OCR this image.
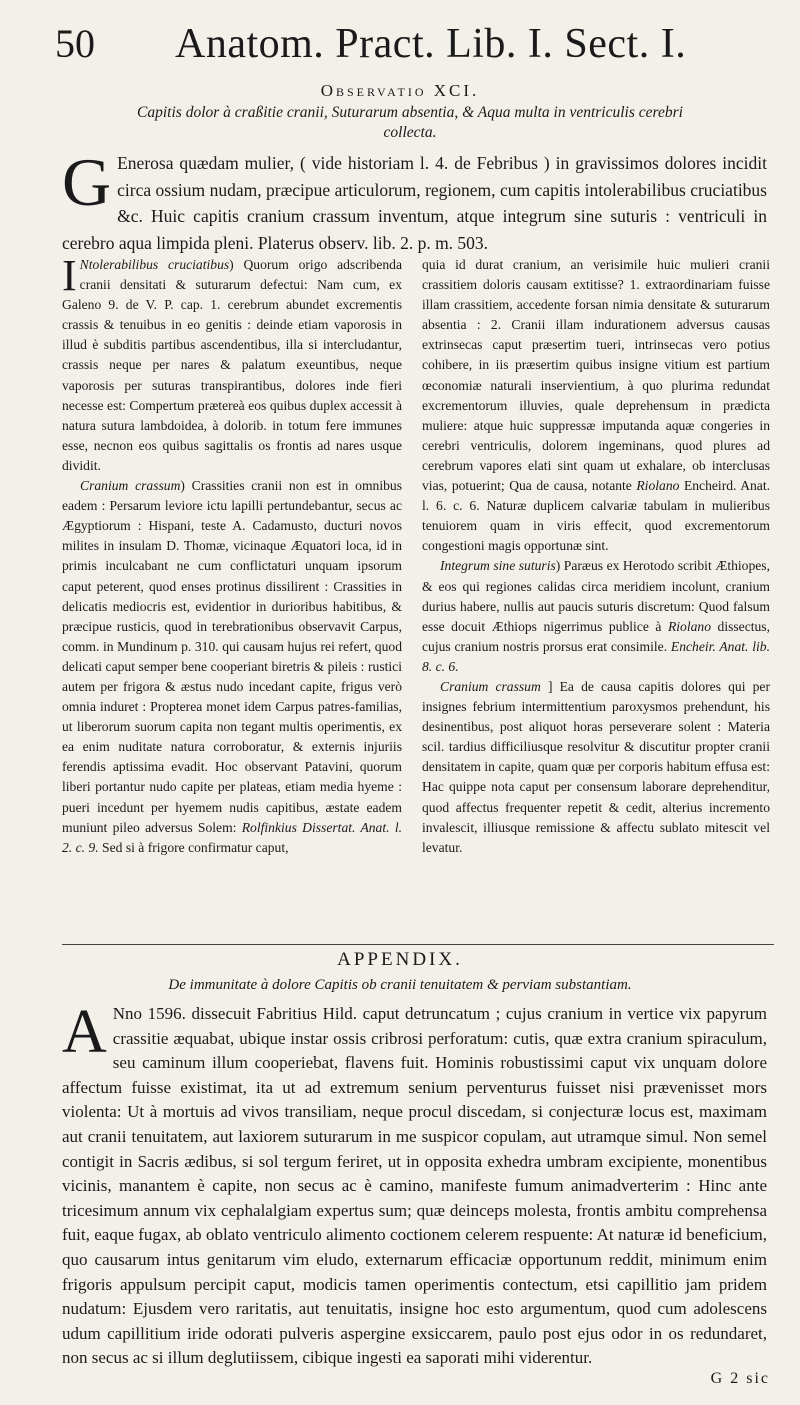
50 Anatom. Pract. Lib. I. Sect. I.
Observatio XCI.
Capitis dolor à craßitie cranii, Suturarum absentia, & Aqua multa in ventriculis cerebri collecta.
G Enerosa quædam mulier, ( vide historiam l. 4. de Febribus ) in gravissimos dolores incidit circa ossium nudam, præcipue articulorum, regionem, cum capitis intolerabilibus cruciatibus &c. Huic capitis cranium crassum inventum, atque integrum sine suturis : ventriculi in cerebro aqua limpida pleni. Platerus observ. lib. 2. p. m. 503.

I Ntolerabilibus cruciatibus) Quorum origo adscribenda cranii densitati & suturarum defectui: Nam cum, ex Galeno 9. de V. P. cap. 1. cerebrum abundet excrementis crassis & tenuibus in eo genitis : deinde etiam vaporosis in illud è subditis partibus ascendentibus, illa si intercludantur, crassis neque per nares & palatum exeuntibus, neque vaporosis per suturas transpirantibus, dolores inde fieri necesse est: Compertum prætereà eos quibus duplex accessit à natura sutura lambdoidea, à dolorib. in totum fere immunes esse, necnon eos quibus sagittalis os frontis ad nares usque dividit.

Cranium crassum) Crassities cranii non est in omnibus eadem : Persarum leviore ictu lapilli pertundebantur, secus ac Ægyptiorum : Hispani, teste A. Cadamusto, ducturi novos milites in insulam D. Thomæ, vicinaque Æquatori loca, id in primis inculcabant ne cum conflictaturi unquam ipsorum caput peterent, quod enses protinus dissilirent : Crassities in delicatis mediocris est, evidentior in durioribus habitibus, & præcipue rusticis, quod in terebrationibus observavit Carpus, comm. in Mundinum p. 310. qui causam hujus rei refert, quod delicati caput semper bene cooperiant biretris & pileis : rustici autem per frigora & æstus nudo incedant capite, frigus verò omnia induret : Propterea monet idem Carpus patres-familias, ut liberorum suorum capita non tegant multis operimentis, ex ea enim nuditate natura corroboratur, & externis injuriis ferendis aptissima evadit. Hoc observant Patavini, quorum liberi portantur nudo capite per plateas, etiam media hyeme : pueri incedunt per hyemem nudis capitibus, æstate eadem muniunt pileo adversus Solem: Rolfinkius Dissertat. Anat. l. 2. c. 9. Sed si à frigore confirmatur caput,

quia id durat cranium, an verisimile huic mulieri cranii crassitiem doloris causam extitisse? 1. extraordinariam fuisse illam crassitiem, accedente forsan nimia densitate & suturarum absentia : 2. Cranii illam indurationem adversus causas extrinsecas caput præsertim tueri, intrinsecas vero potius cohibere, in iis præsertim quibus insigne vitium est partium œconomiæ naturali inservientium, à quo plurima redundat excrementorum illuvies, quale deprehensum in prædicta muliere: atque huic suppressæ imputanda aquæ congeries in cerebri ventriculis, dolorem ingeminans, quod plures ad cerebrum vapores elati sint quam ut exhalare, ob interclusas vias, potuerint; Qua de causa, notante Riolano Encheird. Anat. l. 6. c. 6. Naturæ duplicem calvariæ tabulam in mulieribus tenuiorem quam in viris effecit, quod excrementorum congestioni magis opportunæ sint.

Integrum sine suturis) Paræus ex Herotodo scribit Æthiopes, & eos qui regiones calidas circa meridiem incolunt, cranium durius habere, nullis aut paucis suturis discretum: Quod falsum esse docuit Æthiops nigerrimus publice à Riolano dissectus, cujus cranium nostris prorsus erat consimile. Encheir. Anat. lib. 8. c. 6.

Cranium crassum ] Ea de causa capitis dolores qui per insignes febrium intermittentium paroxysmos prehendunt, his desinentibus, post aliquot horas perseverare solent : Materia scil. tardius difficiliusque resolvitur & discutitur propter cranii densitatem in capite, quam quæ per corporis habitum effusa est: Hac quippe nota caput per consensum laborare deprehenditur, quod affectus frequenter repetit & cedit, alterius incremento invalescit, illiusque remissione & affectu sublato mitescit vel levatur.

APPENDIX.
De immunitate à dolore Capitis ob cranii tenuitatem & perviam substantiam.
A Nno 1596. dissecuit Fabritius Hild. caput detruncatum ; cujus cranium in vertice vix papyrum crassitie æquabat, ubique instar ossis cribrosi perforatum: cutis, quæ extra cranium spiraculum, seu caminum illum cooperiebat, flavens fuit. Hominis robustissimi caput vix unquam dolore affectum fuisse existimat, ita ut ad extremum senium perventurus fuisset nisi prævenisset mors violenta: Ut à mortuis ad vivos transiliam, neque procul discedam, si conjecturæ locus est, maximam aut cranii tenuitatem, aut laxiorem suturarum in me suspicor copulam, aut utramque simul. Non semel contigit in Sacris ædibus, si sol tergum feriret, ut in opposita exhedra umbram excipiente, monentibus vicinis, manantem è capite, non secus ac è camino, manifeste fumum animadverterim : Hinc ante tricesimum annum vix cephalalgiam expertus sum; quæ deinceps molesta, frontis ambitu comprehensa fuit, eaque fugax, ab oblato ventriculo alimento coctionem celerem respuente: At naturæ id beneficium, quo causarum intus genitarum vim eludo, externarum efficaciæ opportunum reddit, minimum enim frigoris appulsum percipit caput, modicis tamen operimentis contectum, etsi capillitio jam pridem nudatum: Ejusdem vero raritatis, aut tenuitatis, insigne hoc esto argumentum, quod cum adolescens udum capillitium iride odorati pulveris aspergine exsiccarem, paulo post ejus odor in os redundaret, non secus ac si illum deglutiissem, cibique ingesti ea saporati mihi viderentur.
G 2 sic
